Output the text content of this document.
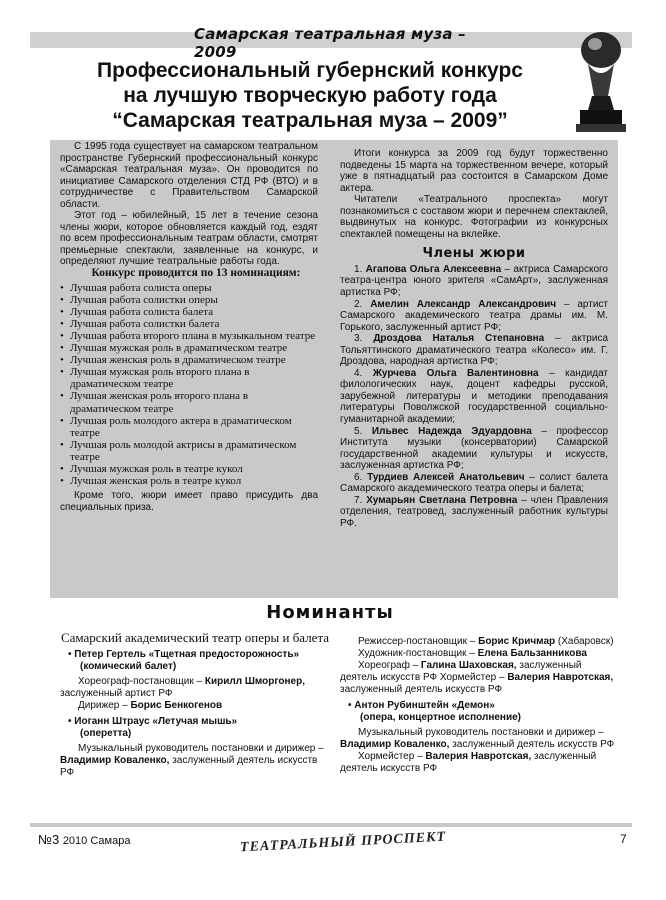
Самарская театральная муза – 2009
Профессиональный губернский конкурс
на лучшую творческую работу года
“Самарская театральная муза – 2009”

С 1995 года существует на самарском театральном пространстве Губернский профессиональный конкурс «Самарская театральная муза». Он проводится по инициативе Самарского отделения СТД РФ (ВТО) и в сотрудничестве с Правительством Самарской области.

Этот год – юбилейный, 15 лет в течение сезона члены жюри, которое обновляется каждый год, ездят по всем профессиональным театрам области, смотрят премьерные спектакли, заявленные на конкурс, и определяют лучшие театральные работы года.

Конкурс проводится по 13 номинациям:

• Лучшая работа солиста оперы
• Лучшая работа солистки оперы
• Лучшая работа солиста балета
• Лучшая работа солистки балета
• Лучшая работа второго плана в музыкальном театре
• Лучшая мужская роль в драматическом театре
• Лучшая женская роль в драматическом театре
• Лучшая мужская роль второго плана в драматическом театре
• Лучшая женская роль второго плана в драматическом театре
• Лучшая роль молодого актера в драматическом театре
• Лучшая роль молодой актрисы в драматическом театре
• Лучшая мужская роль в театре кукол
• Лучшая женская роль в театре кукол

Кроме того, жюри имеет право присудить два специальных приза.

Итоги конкурса за 2009 год будут торжественно подведены 15 марта на торжественном вечере, который уже в пятнадцатый раз состоится в Самарском Доме актера.

Читатели «Театрального проспекта» могут познакомиться с составом жюри и перечнем спектаклей, выдвинутых на конкурс. Фотографии из конкурсных спектаклей помещены на вклейке.

Члены жюри

1. Агапова Ольга Алексеевна – актриса Самарского театра-центра юного зрителя «СамАрт», заслуженная артистка РФ;

2. Амелин Александр Александрович – артист Самарского академического театра драмы им. М. Горького, заслуженный артист РФ;

3. Дроздова Наталья Степановна – актриса Тольяттинского драматического театра «Колесо» им. Г. Дроздова, народная артистка РФ;

4. Журчева Ольга Валентиновна – кандидат филологических наук, доцент кафедры русской, зарубежной литературы и методики преподавания литературы Поволжской государственной социально-гуманитарной академии;

5. Ильвес Надежда Эдуардовна – профессор Института музыки (консерватории) Самарской государственной академии культуры и искусств, заслуженная артистка РФ;

6. Турдиев Алексей Анатольевич – солист балета Самарского академического театра оперы и балета;

7. Хумарьян Светлана Петровна – член Правления отделения, театровед, заслуженный работник культуры РФ.

Номинанты
Самарский академический театр оперы и балета
• Петер Гертель «Тщетная предосторожность»
(комический балет)

Хореограф-постановщик – Кирилл Шморгонер, заслуженный артист РФ

Дирижер – Борис Бенкогенов

• Иоганн Штраус «Летучая мышь»
(оперетта)

Музыкальный руководитель постановки и дирижер – Владимир Коваленко, заслуженный деятель искусств РФ

Режиссер-постановщик – Борис Кричмар (Хабаровск)

Художник-постановщик – Елена Бальзанникова

Хореограф – Галина Шаховская, заслуженный деятель искусств РФ Хормейстер – Валерия Навротская, заслуженный деятель искусств РФ

• Антон Рубинштейн «Демон»
(опера, концертное исполнение)

Музыкальный руководитель постановки и дирижер – Владимир Коваленко, заслуженный деятель искусств РФ

Хормейстер – Валерия Навротская, заслуженный деятель искусств РФ

№3 2010 Самара	ТЕАТРАЛЬНЫЙ ПРОСПЕКТ	7
